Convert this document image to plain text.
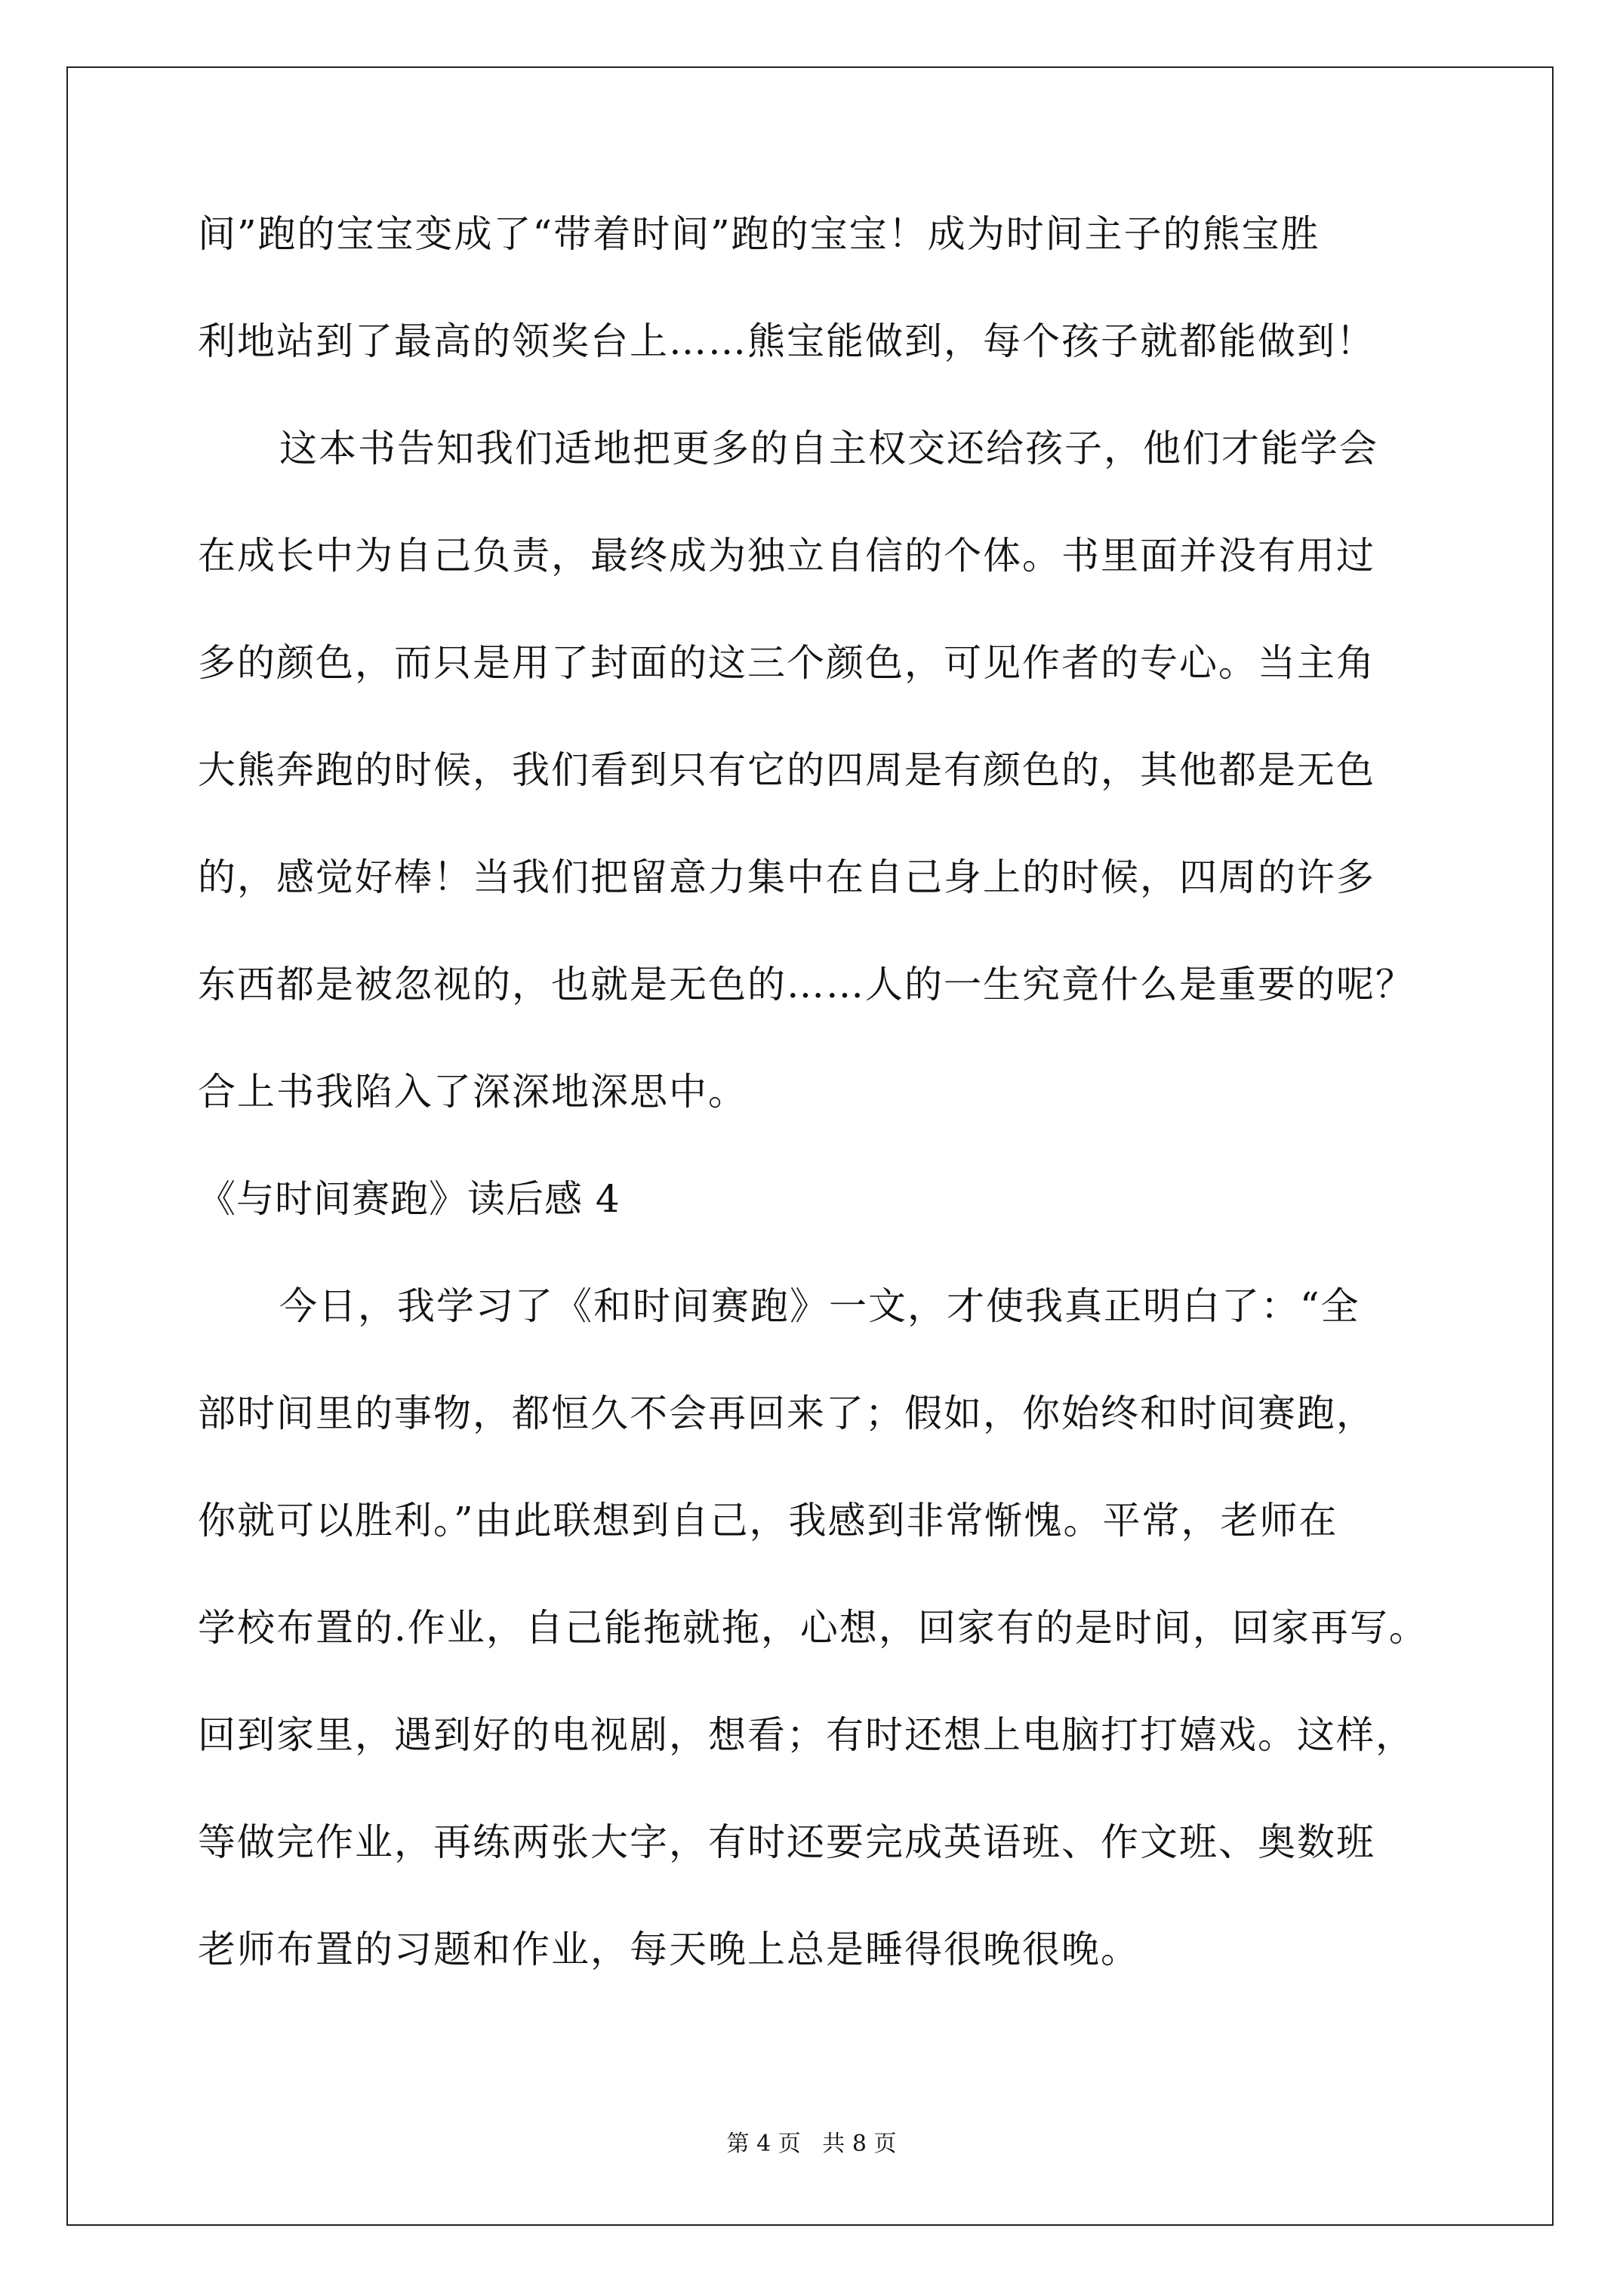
间”跑的宝宝变成了“带着时间”跑的宝宝！成为时间主子的熊宝胜
利地站到了最高的领奖台上……熊宝能做到，每个孩子就都能做到！
这本书告知我们适地把更多的自主权交还给孩子，他们才能学会
在成长中为自己负责，最终成为独立自信的个体。书里面并没有用过
多的颜色，而只是用了封面的这三个颜色，可见作者的专心。当主角
大熊奔跑的时候，我们看到只有它的四周是有颜色的，其他都是无色
的，感觉好棒！当我们把留意力集中在自己身上的时候，四周的许多
东西都是被忽视的，也就是无色的……人的一生究竟什么是重要的呢？
合上书我陷入了深深地深思中。
《与时间赛跑》读后感 4
今日，我学习了《和时间赛跑》一文，才使我真正明白了：“全
部时间里的事物，都恒久不会再回来了；假如，你始终和时间赛跑，
你就可以胜利。”由此联想到自己，我感到非常惭愧。平常，老师在
学校布置的.作业，自己能拖就拖，心想，回家有的是时间，回家再写。
回到家里，遇到好的电视剧，想看；有时还想上电脑打打嬉戏。这样，
等做完作业，再练两张大字，有时还要完成英语班、作文班、奥数班
老师布置的习题和作业，每天晚上总是睡得很晚很晚。
第 4 页   共 8 页
